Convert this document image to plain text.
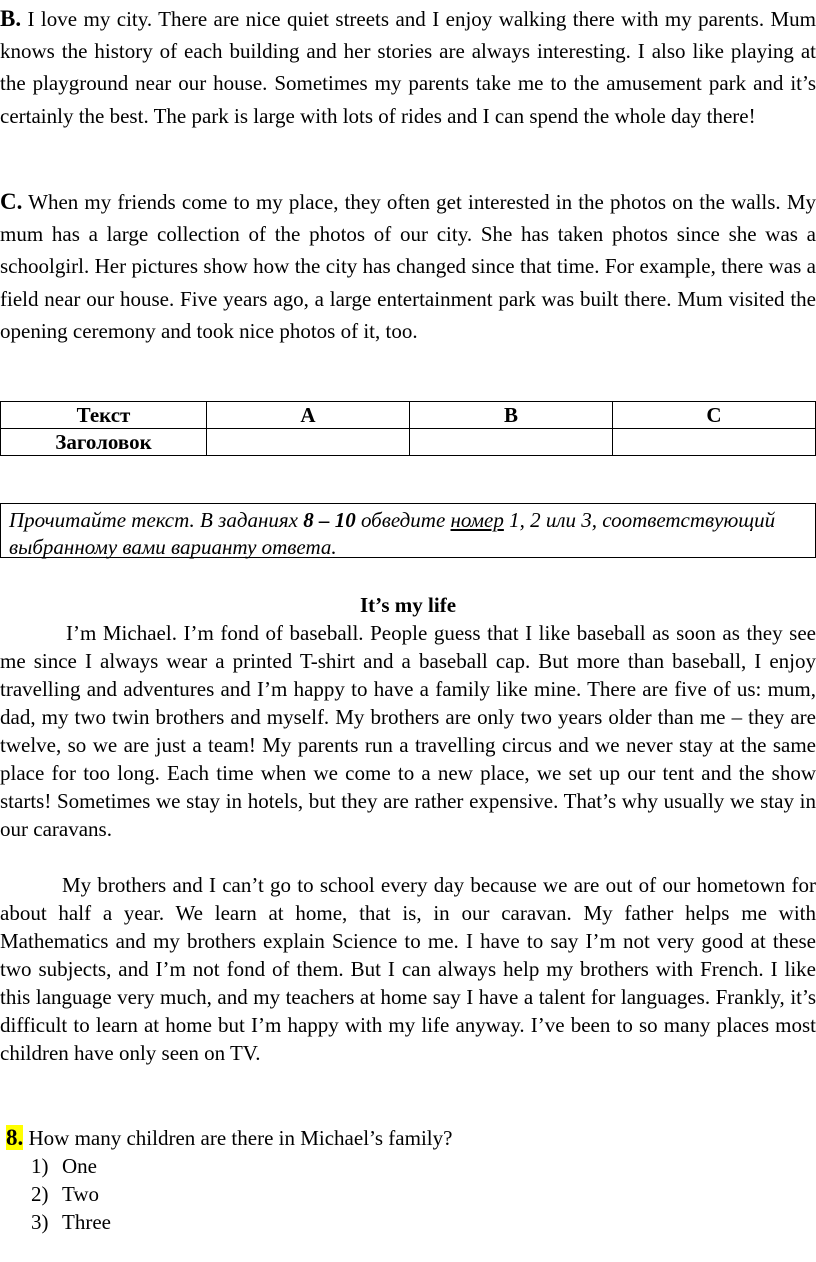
B. I love my city. There are nice quiet streets and I enjoy walking there with my parents. Mum knows the history of each building and her stories are always interesting. I also like playing at the playground near our house. Sometimes my parents take me to the amusement park and it’s certainly the best. The park is large with lots of rides and I can spend the whole day there!

C. When my friends come to my place, they often get interested in the photos on the walls. My mum has a large collection of the photos of our city. She has taken photos since she was a schoolgirl. Her pictures show how the city has changed since that time. For example, there was a field near our house. Five years ago, a large entertainment park was built there. Mum visited the opening ceremony and took nice photos of it, too.

Текст	A	B	C
Заголовок			
Прочитайте текст. В заданиях 8 – 10 обведите номер 1, 2 или 3, соответствующий выбранному вами варианту ответа.
It’s my life

I’m Michael. I’m fond of baseball. People guess that I like baseball as soon as they see me since I always wear a printed T-shirt and a baseball cap. But more than baseball, I enjoy travelling and adventures and I’m happy to have a family like mine. There are five of us: mum, dad, my two twin brothers and myself. My brothers are only two years older than me – they are twelve, so we are just a team! My parents run a travelling circus and we never stay at the same place for too long. Each time when we come to a new place, we set up our tent and the show starts! Sometimes we stay in hotels, but they are rather expensive. That’s why usually we stay in our caravans.

My brothers and I can’t go to school every day because we are out of our hometown for about half a year. We learn at home, that is, in our caravan. My father helps me with Mathematics and my brothers explain Science to me. I have to say I’m not very good at these two subjects, and I’m not fond of them. But I can always help my brothers with French. I like this language very much, and my teachers at home say I have a talent for languages. Frankly, it’s difficult to learn at home but I’m happy with my life anyway. I’ve been to so many places most children have only seen on TV.

8. How many children are there in Michael’s family?
1) One
2) Two
3) Three
